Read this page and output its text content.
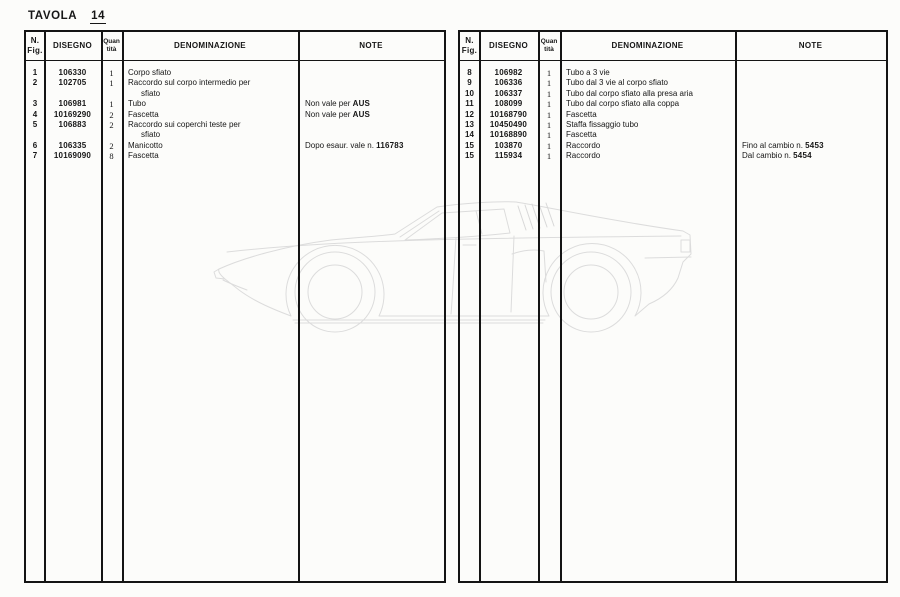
TAVOLA 14
N.
Fig.
DISEGNO Quan
tità	DENOMINAZIONE	NOTE
1	106330	1	Corpo sfiato
2	102705	1	Raccordo sul corpo intermedio per
sfiato
3	106981	1	Tubo	Non vale per AUS
4	10169290	2	Fascetta	Non vale per AUS
5	106883	2	Raccordo sui coperchi teste per
sfiato
6	106335	2	Manicotto	Dopo esaur. vale n. 116783
7	10169090	8	Fascetta
N.
Fig.
DISEGNO Quan
tità	DENOMINAZIONE	NOTE
8	106982	1	Tubo a 3 vie
9	106336	1	Tubo dal 3 vie al corpo sfiato
10	106337	1	Tubo dal corpo sfiato alla presa aria
11	108099	1	Tubo dal corpo sfiato alla coppa
12	10168790	1	Fascetta
13	10450490	1	Staffa fissaggio tubo
14	10168890	1	Fascetta
15	103870	1	Raccordo	Fino al cambio n. 5453
15	115934	1	Raccordo	Dal cambio n. 5454
